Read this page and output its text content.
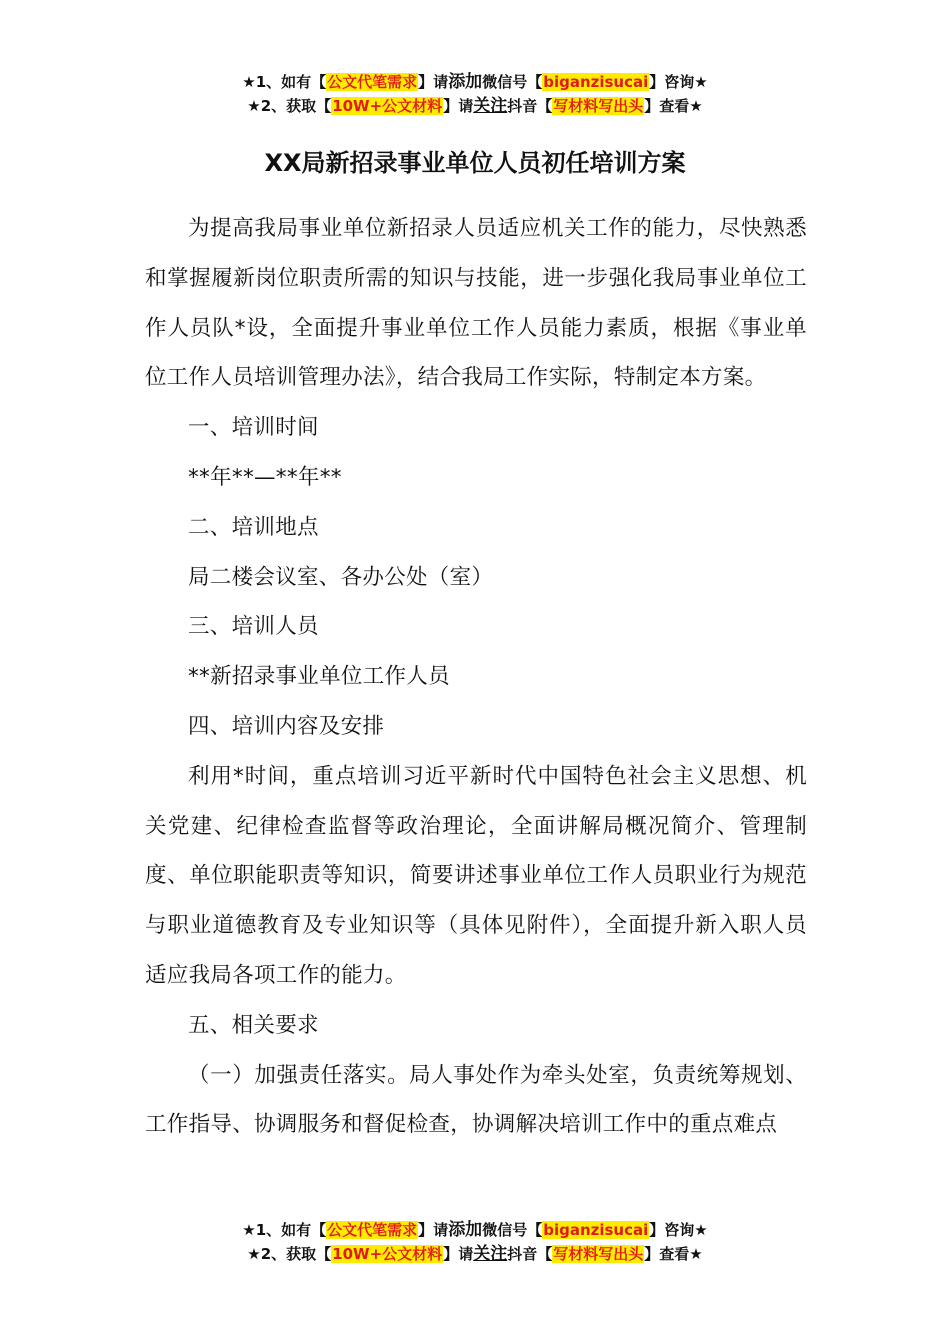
★1、如有【公文代笔需求】请添加微信号【biganzisucai】咨询★
★2、获取【10W+公文材料】请关注抖音【写材料写出头】查看★
XX局新招录事业单位人员初任培训方案

为提高我局事业单位新招录人员适应机关工作的能力，尽快熟悉和掌握履新岗位职责所需的知识与技能，进一步强化我局事业单位工作人员队*设，全面提升事业单位工作人员能力素质，根据《事业单位工作人员培训管理办法》，结合我局工作实际，特制定本方案。

一、培训时间

**年**—**年**

二、培训地点

局二楼会议室、各办公处（室）

三、培训人员

**新招录事业单位工作人员

四、培训内容及安排

利用*时间，重点培训习近平新时代中国特色社会主义思想、机关党建、纪律检查监督等政治理论，全面讲解局概况简介、管理制度、单位职能职责等知识，简要讲述事业单位工作人员职业行为规范与职业道德教育及专业知识等（具体见附件），全面提升新入职人员适应我局各项工作的能力。

五、相关要求

（一）加强责任落实。局人事处作为牵头处室，负责统筹规划、工作指导、协调服务和督促检查，协调解决培训工作中的重点难点

★1、如有【公文代笔需求】请添加微信号【biganzisucai】咨询★
★2、获取【10W+公文材料】请关注抖音【写材料写出头】查看★
